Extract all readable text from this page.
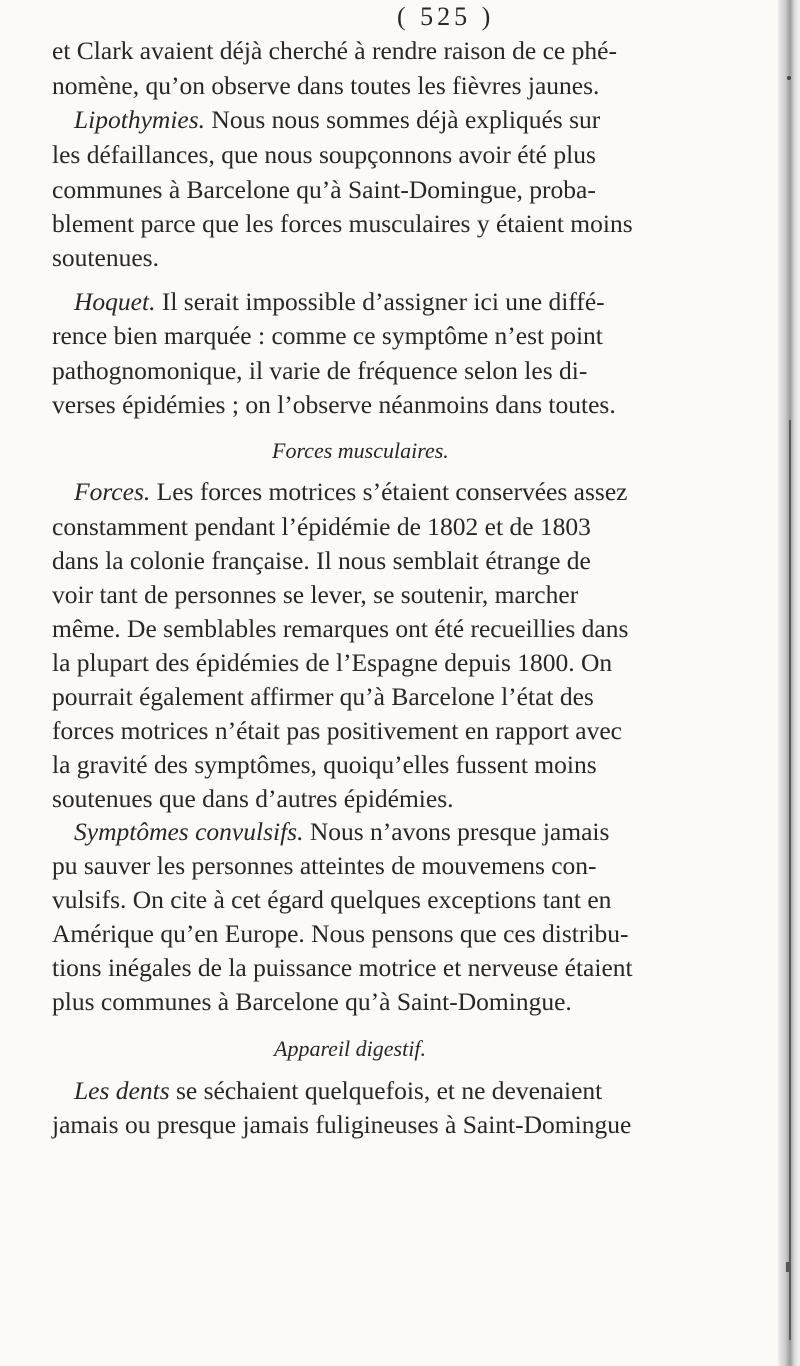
( 525 )
et Clark avaient déjà cherché à rendre raison de ce phé-
nomène, qu’on observe dans toutes les fièvres jaunes.
Lipothymies. Nous nous sommes déjà expliqués sur
les défaillances, que nous soupçonnons avoir été plus
communes à Barcelone qu’à Saint-Domingue, proba-
blement parce que les forces musculaires y étaient moins
soutenues.
Hoquet. Il serait impossible d’assigner ici une diffé-
rence bien marquée : comme ce symptôme n’est point
pathognomonique, il varie de fréquence selon les di-
verses épidémies ; on l’observe néanmoins dans toutes.
Forces musculaires.
Forces. Les forces motrices s’étaient conservées assez
constamment pendant l’épidémie de 1802 et de 1803
dans la colonie française. Il nous semblait étrange de
voir tant de personnes se lever, se soutenir, marcher
même. De semblables remarques ont été recueillies dans
la plupart des épidémies de l’Espagne depuis 1800. On
pourrait également affirmer qu’à Barcelone l’état des
forces motrices n’était pas positivement en rapport avec
la gravité des symptômes, quoiqu’elles fussent moins
soutenues que dans d’autres épidémies.
Symptômes convulsifs. Nous n’avons presque jamais
pu sauver les personnes atteintes de mouvemens con-
vulsifs. On cite à cet égard quelques exceptions tant en
Amérique qu’en Europe. Nous pensons que ces distribu-
tions inégales de la puissance motrice et nerveuse étaient
plus communes à Barcelone qu’à Saint-Domingue.
Appareil digestif.
Les dents se séchaient quelquefois, et ne devenaient
jamais ou presque jamais fuligineuses à Saint-Domingue
